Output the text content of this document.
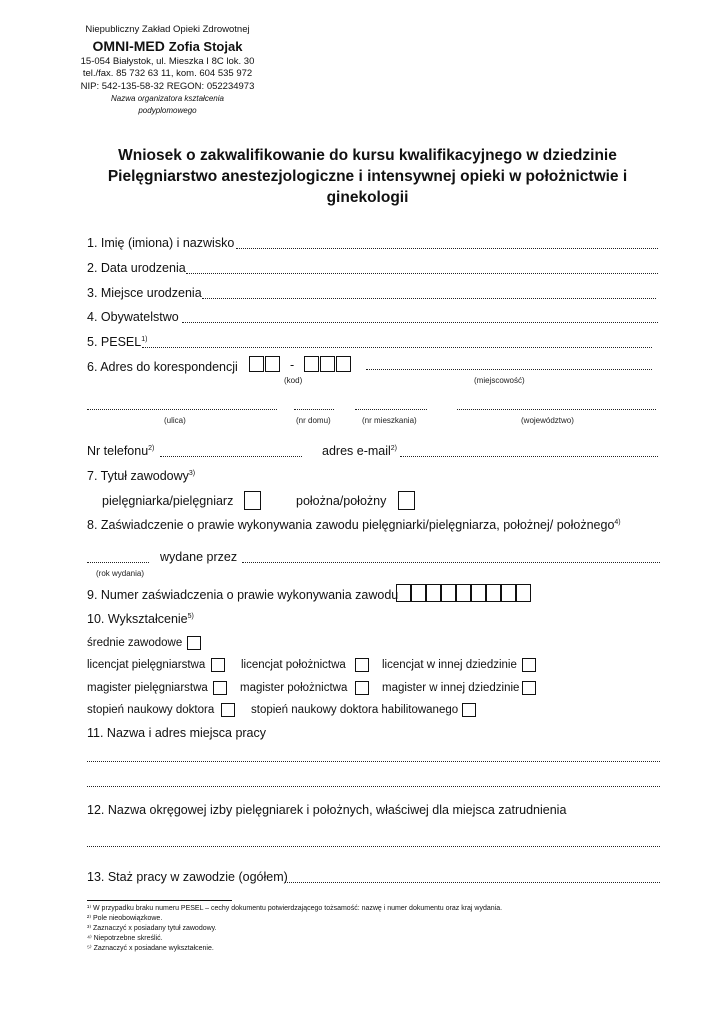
Niepubliczny Zakład Opieki Zdrowotnej
OMNI-MED Zofia Stojak
15-054 Białystok, ul. Mieszka I 8C lok. 30
tel./fax. 85 732 63 11, kom. 604 535 972
NIP: 542-135-58-32 REGON: 052234973
Nazwa organizatora kształcenia
podyplomowego
Wniosek o zakwalifikowanie do kursu kwalifikacyjnego w dziedzinie Pielęgniarstwo anestezjologiczne i intensywnej opieki w położnictwie i ginekologii
1. Imię (imiona) i nazwisko
2. Data urodzenia
3. Miejsce urodzenia
4. Obywatelstwo
5. PESEL$^{1)}$
6. Adres do korespondencji	-
(kod)	(miejscowość)
(ulica)	(nr domu)	(nr mieszkania)	(województwo)
Nr telefonu$^{2)}$	adres e-mail$^{2)}$
7. Tytuł zawodowy$^{3)}$
pielęgniarka/pielęgniarz	położna/położny
8. Zaświadczenie o prawie wykonywania zawodu pielęgniarki/pielęgniarza, położnej/ położnego$^{4)}$
wydane przez
(rok wydania)
9. Numer zaświadczenia o prawie wykonywania zawodu
10. Wykształcenie$^{5)}$
średnie zawodowe
licencjat pielęgniarstwa	licencjat położnictwa	licencjat w innej dziedzinie
magister pielęgniarstwa	magister położnictwa	magister w innej dziedzinie
stopień naukowy doktora	stopień naukowy doktora habilitowanego
11. Nazwa i adres miejsca pracy
12. Nazwa okręgowej izby pielęgniarek i położnych, właściwej dla miejsca zatrudnienia
13. Staż pracy w zawodzie (ogółem)
¹⁾ W przypadku braku numeru PESEL – cechy dokumentu potwierdzającego tożsamość: nazwę i numer dokumentu oraz kraj wydania.
²⁾ Pole nieobowiązkowe.
³⁾ Zaznaczyć x posiadany tytuł zawodowy.
⁴⁾ Niepotrzebne skreślić.
⁵⁾ Zaznaczyć x posiadane wykształcenie.
